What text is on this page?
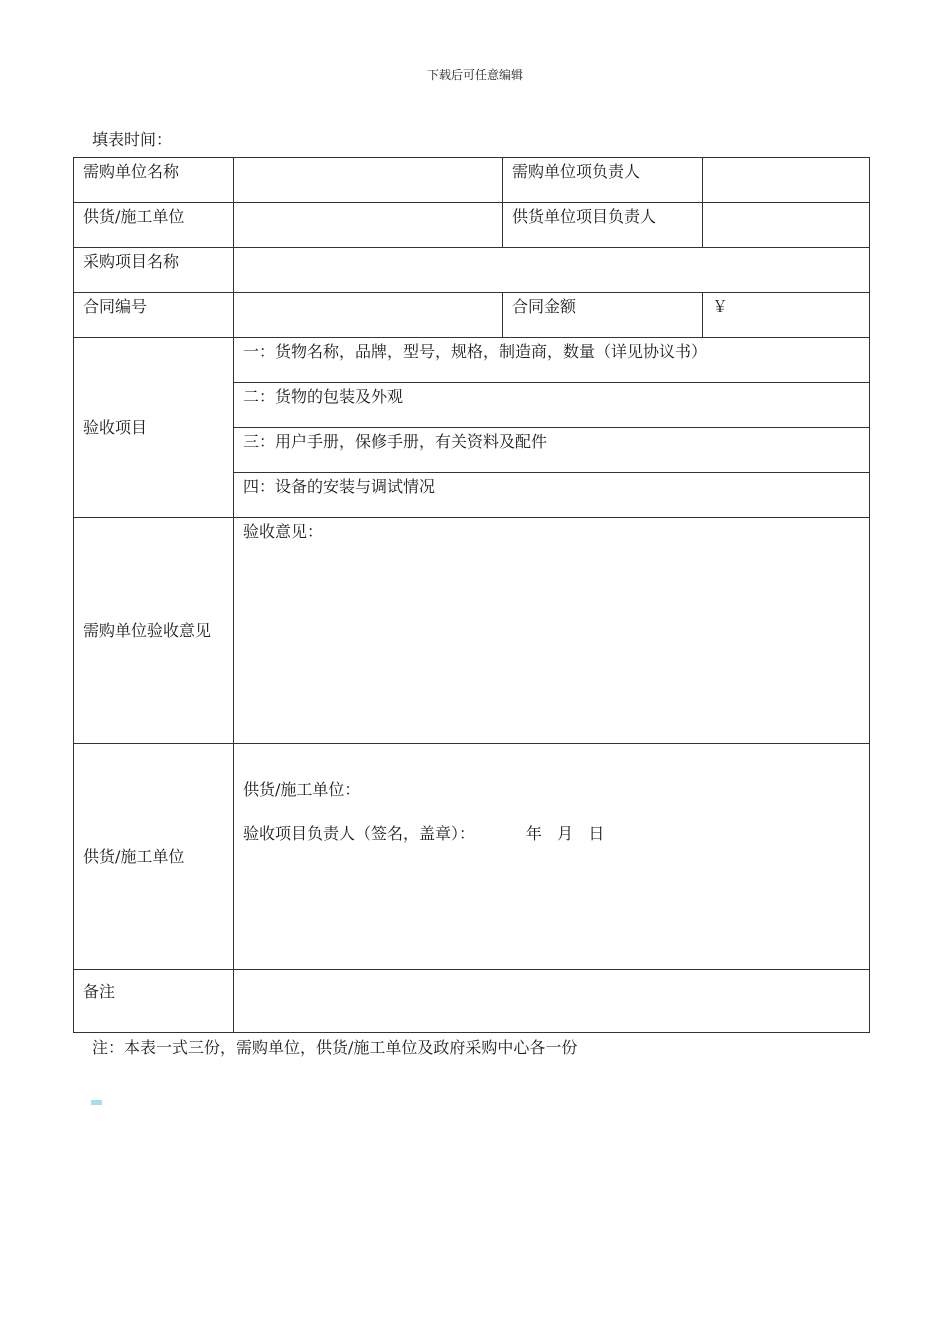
下载后可任意编辑
填表时间：
需购单位名称		需购单位项负责人	
供货/施工单位		供货单位项目负责人	
采购项目名称			
合同编号		合同金额	￥
验收项目	一：货物名称，品牌，型号，规格，制造商，数量（详见协议书）		
	二：货物的包装及外观		
	三：用户手册，保修手册，有关资料及配件		
	四：设备的安装与调试情况		
需购单位验收意见	验收意见：		

供货/施工单位	供货/施工单位：
验收项目负责人（签名，盖章）：          年   月   日		

备注			
注：本表一式三份，需购单位，供货/施工单位及政府采购中心各一份
